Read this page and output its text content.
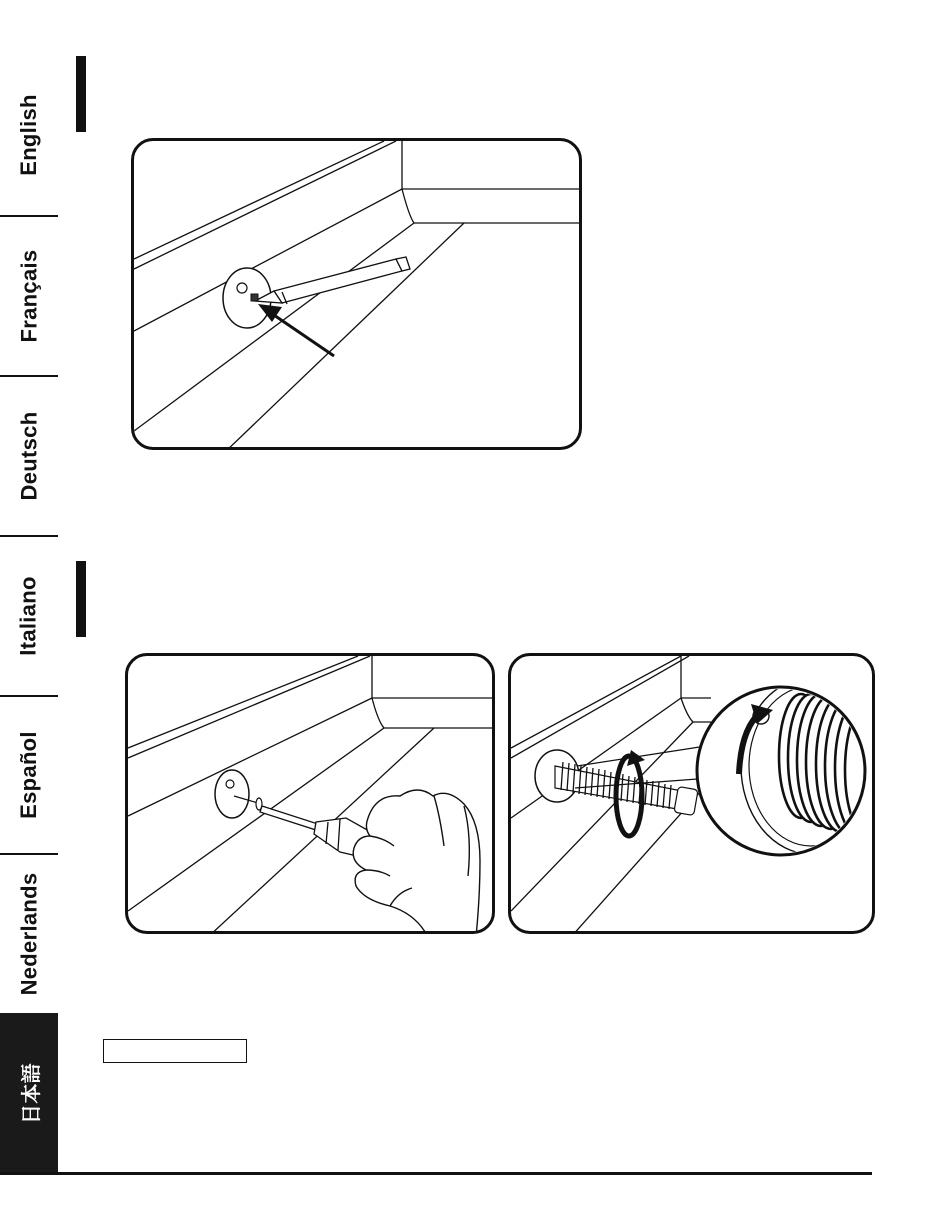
English
Français
Deutsch
Italiano
Español
Nederlands
日本語
